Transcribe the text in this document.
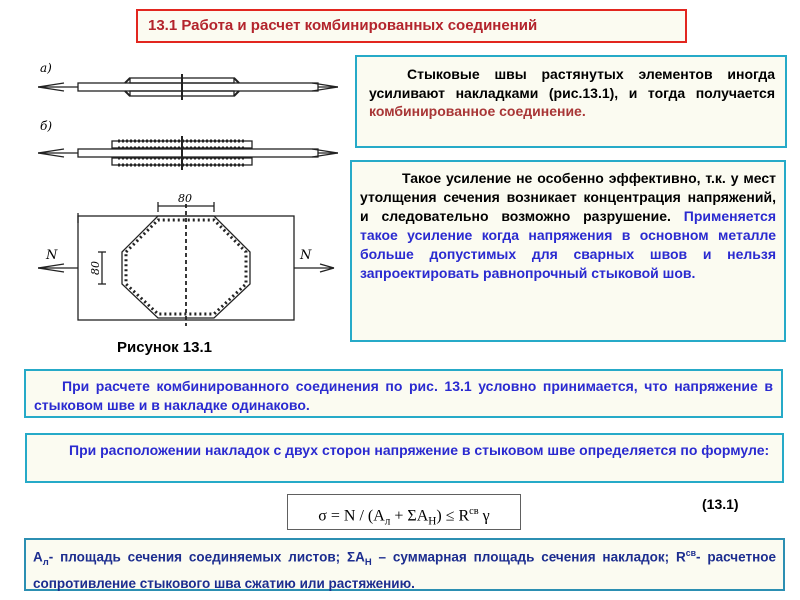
13.1 Работа и расчет комбинированных соединений
а)
б)
80
80
N	N
Рисунок 13.1
Стыковые швы растянутых элементов иногда усиливают накладками (рис.13.1), и тогда получается комбинированное соединение.
Такое усиление не особенно эффективно, т.к. у мест утолщения сечения возникает концентрация напряжений, и следовательно возможно разрушение. Применяется такое усиление когда напряжения в основном металле больше допустимых для сварных швов и нельзя запроектировать равнопрочный стыковой шов.
При расчете комбинированного соединения по рис. 13.1 условно принимается, что напряжение в стыковом шве и в накладке одинаково.
При расположении накладок с двух сторон напряжение в стыковом шве определяется по формуле:
$\sigma = N / (A_л + \Sigma A_Н) \le R^{св}$ γ
(13.1)
$А_л-$ площадь сечения соединяемых листов; $\Sigma А_Н$ – суммарная площадь сечения накладок; $R^{св}-$ расчетное сопротивление стыкового шва сжатию или растяжению.
